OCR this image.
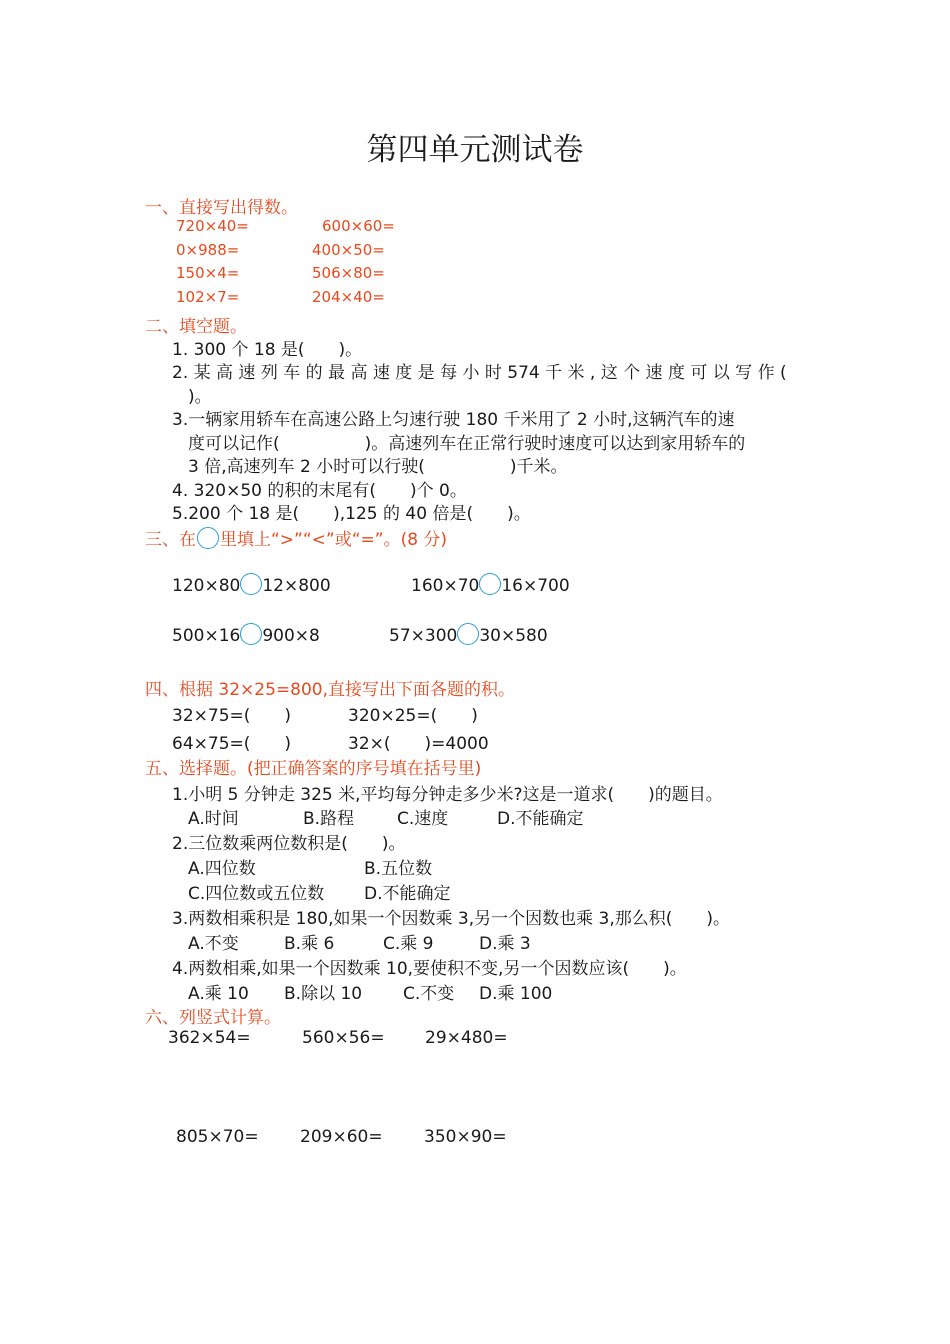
第四单元测试卷
一、直接写出得数。
720×40=	600×60=
0×988=	400×50=
150×4=	506×80=
102×7=	204×40=
二、填空题。
1. 300 个 18 是(　　)。
2. 某 高 速 列 车 的 最 高 速 度 是 每 小 时 574 千 米 , 这 个 速 度 可 以 写 作 (
)。
3.一辆家用轿车在高速公路上匀速行驶 180 千米用了 2 小时,这辆汽车的速
度可以记作(　　　　　)。高速列车在正常行驶时速度可以达到家用轿车的
3 倍,高速列车 2 小时可以行驶(　　　　　)千米。
4. 320×50 的积的末尾有(　　)个 0。
5.200 个 18 是(　　),125 的 40 倍是(　　)。
三、在 里填上“>”“<”或“=”。(8 分)
120×80 12×800	160×70 16×700
500×16 900×8	57×300 30×580
四、根据 32×25=800,直接写出下面各题的积。
32×75=(　　)	320×25=(　　)
64×75=(　　)	32×(　　)=4000
五、选择题。(把正确答案的序号填在括号里)
1.小明 5 分钟走 325 米,平均每分钟走多少米?这是一道求(　　)的题目。
A.时间	B.路程	C.速度	D.不能确定
2.三位数乘两位数积是(　　)。
A.四位数	B.五位数
C.四位数或五位数 D.不能确定
3.两数相乘积是 180,如果一个因数乘 3,另一个因数也乘 3,那么积(　　)。
A.不变	B.乘 6	C.乘 9	D.乘 3
4.两数相乘,如果一个因数乘 10,要使积不变,另一个因数应该(　　)。
A.乘 10 B.除以 10 C.不变 D.乘 100
六、列竖式计算。
362×54=	560×56= 29×480=
805×70= 209×60= 350×90=
